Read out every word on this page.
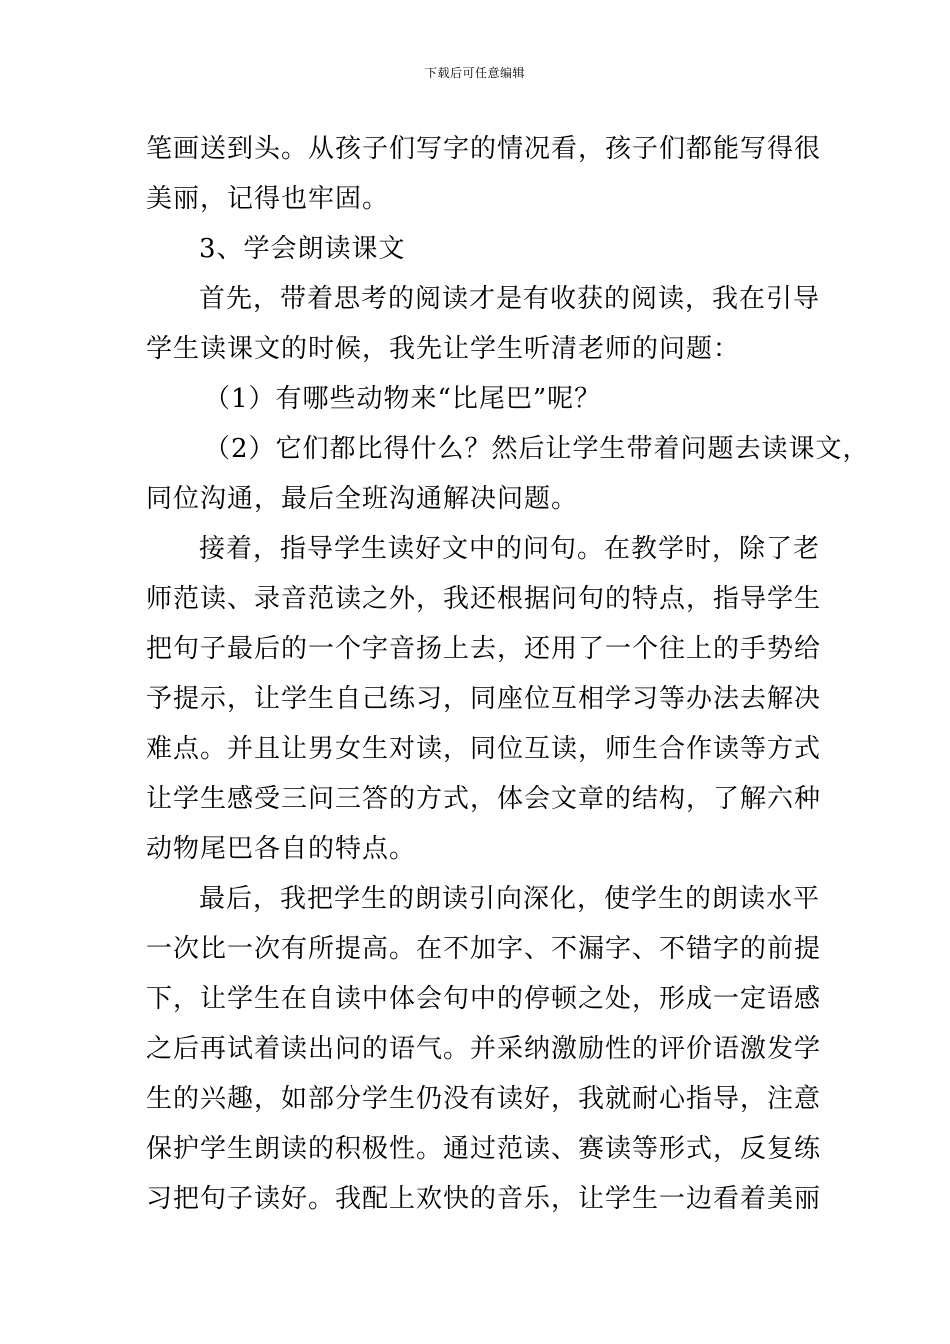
下载后可任意编辑
笔画送到头。从孩子们写字的情况看，孩子们都能写得很
美丽，记得也牢固。
3、学会朗读课文
首先，带着思考的阅读才是有收获的阅读，我在引导
学生读课文的时候，我先让学生听清老师的问题：
（1）有哪些动物来“比尾巴”呢？
（2）它们都比得什么？然后让学生带着问题去读课文，
同位沟通，最后全班沟通解决问题。
接着，指导学生读好文中的问句。在教学时，除了老
师范读、录音范读之外，我还根据问句的特点，指导学生
把句子最后的一个字音扬上去，还用了一个往上的手势给
予提示，让学生自己练习，同座位互相学习等办法去解决
难点。并且让男女生对读，同位互读，师生合作读等方式
让学生感受三问三答的方式，体会文章的结构，了解六种
动物尾巴各自的特点。
最后，我把学生的朗读引向深化，使学生的朗读水平
一次比一次有所提高。在不加字、不漏字、不错字的前提
下，让学生在自读中体会句中的停顿之处，形成一定语感
之后再试着读出问的语气。并采纳激励性的评价语激发学
生的兴趣，如部分学生仍没有读好，我就耐心指导，注意
保护学生朗读的积极性。通过范读、赛读等形式，反复练
习把句子读好。我配上欢快的音乐，让学生一边看着美丽
